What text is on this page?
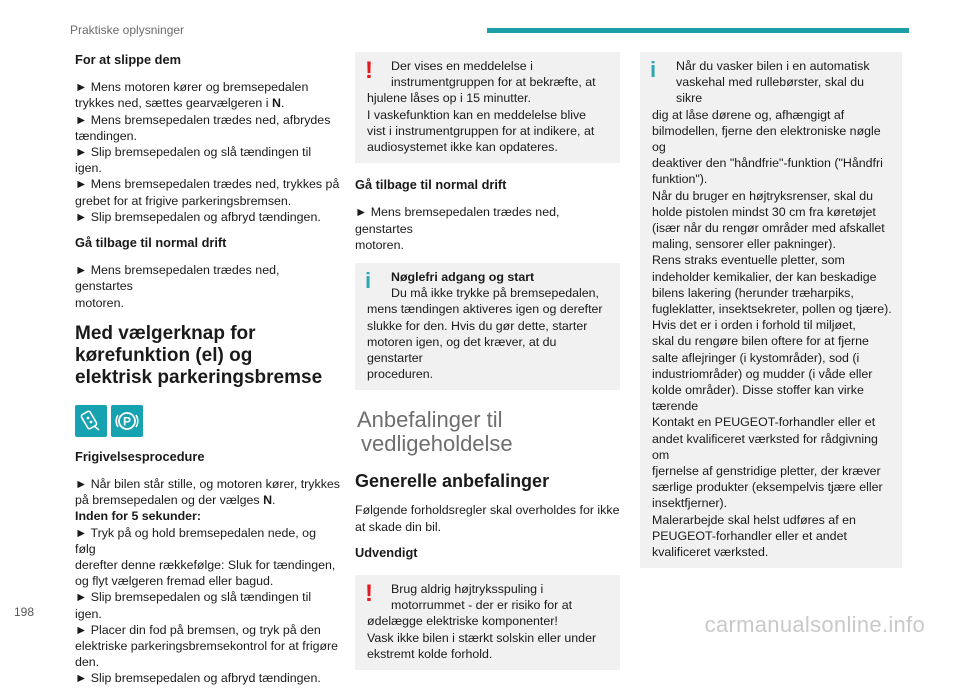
Praktiske oplysninger
For at slippe dem

► Mens motoren kører og bremsepedalen
trykkes ned, sættes gearvælgeren i N.
► Mens bremsepedalen trædes ned, afbrydes
tændingen.
► Slip bremsepedalen og slå tændingen til igen.
► Mens bremsepedalen trædes ned, trykkes på
grebet for at frigive parkeringsbremsen.
► Slip bremsepedalen og afbryd tændingen.

Gå tilbage til normal drift

► Mens bremsepedalen trædes ned, genstartes
motoren.

Med vælgerknap for
kørefunktion (el) og
elektrisk parkeringsbremse
P
Frigivelsesprocedure

► Når bilen står stille, og motoren kører, trykkes
på bremsepedalen og der vælges N.
Inden for 5 sekunder:
► Tryk på og hold bremsepedalen nede, og følg
derefter denne rækkefølge: Sluk for tændingen,
og flyt vælgeren fremad eller bagud.
► Slip bremsepedalen og slå tændingen til igen.
► Placer din fod på bremsen, og tryk på den
elektriske parkeringsbremsekontrol for at frigøre
den.
► Slip bremsepedalen og afbryd tændingen.

!	Der vises en meddelelse i
instrumentgruppen for at bekræfte, at
hjulene låses op i 15 minutter.
I vaskefunktion kan en meddelelse blive
vist i instrumentgruppen for at indikere, at
audiosystemet ikke kan opdateres.
Gå tilbage til normal drift

► Mens bremsepedalen trædes ned, genstartes
motoren.

i	Nøglefri adgang og start
Du må ikke trykke på bremsepedalen,
mens tændingen aktiveres igen og derefter
slukke for den. Hvis du gør dette, starter
motoren igen, og det kræver, at du genstarter
proceduren.
Anbefalinger til
vedligeholdelse
Generelle anbefalinger

Følgende forholdsregler skal overholdes for ikke
at skade din bil.

Udvendigt
!	Brug aldrig højtryksspuling i
motorrummet - der er risiko for at
ødelægge elektriske komponenter!
Vask ikke bilen i stærkt solskin eller under
ekstremt kolde forhold.
i	Når du vasker bilen i en automatisk
vaskehal med rullebørster, skal du sikre
dig at låse dørene og, afhængigt af
bilmodellen, fjerne den elektroniske nøgle og
deaktiver den "håndfrie"-funktion ("Håndfri
funktion").
Når du bruger en højtryksrenser, skal du
holde pistolen mindst 30 cm fra køretøjet
(især når du rengør områder med afskallet
maling, sensorer eller pakninger).
Rens straks eventuelle pletter, som
indeholder kemikalier, der kan beskadige
bilens lakering (herunder træharpiks,
fugleklatter, insektsekreter, pollen og tjære).
Hvis det er i orden i forhold til miljøet,
skal du rengøre bilen oftere for at fjerne
salte aflejringer (i kystområder), sod (i
industriområder) og mudder (i våde eller
kolde områder). Disse stoffer kan virke
tærende
Kontakt en PEUGEOT-forhandler eller et
andet kvalificeret værksted for rådgivning om
fjernelse af genstridige pletter, der kræver
særlige produkter (eksempelvis tjære eller
insektfjerner).
Malerarbejde skal helst udføres af en
PEUGEOT-forhandler eller et andet
kvalificeret værksted.
198	carmanualsonline.info
